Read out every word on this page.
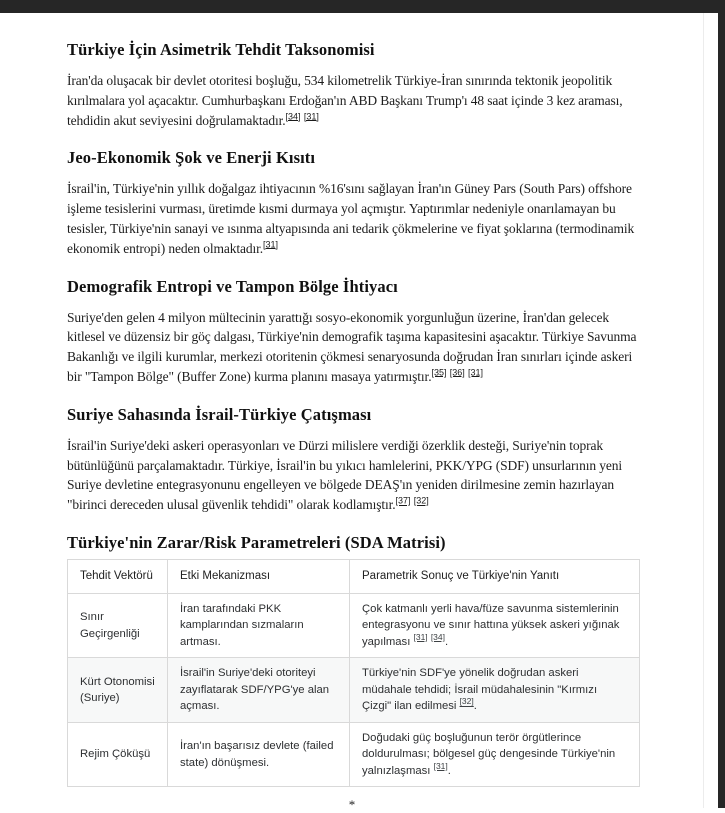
Türkiye İçin Asimetrik Tehdit Taksonomisi

İran'da oluşacak bir devlet otoritesi boşluğu, 534 kilometrelik Türkiye-İran sınırında tektonik jeopolitik kırılmalara yol açacaktır. Cumhurbaşkanı Erdoğan'ın ABD Başkanı Trump'ı 48 saat içinde 3 kez araması, tehdidin akut seviyesini doğrulamaktadır.[34] [31]

Jeo-Ekonomik Şok ve Enerji Kısıtı

İsrail'in, Türkiye'nin yıllık doğalgaz ihtiyacının %16'sını sağlayan İran'ın Güney Pars (South Pars) offshore işleme tesislerini vurması, üretimde kısmi durmaya yol açmıştır. Yaptırımlar nedeniyle onarılamayan bu tesisler, Türkiye'nin sanayi ve ısınma altyapısında ani tedarik çökmelerine ve fiyat şoklarına (termodinamik ekonomik entropi) neden olmaktadır.[31]

Demografik Entropi ve Tampon Bölge İhtiyacı

Suriye'den gelen 4 milyon mültecinin yarattığı sosyo-ekonomik yorgunluğun üzerine, İran'dan gelecek kitlesel ve düzensiz bir göç dalgası, Türkiye'nin demografik taşıma kapasitesini aşacaktır. Türkiye Savunma Bakanlığı ve ilgili kurumlar, merkezi otoritenin çökmesi senaryosunda doğrudan İran sınırları içinde askeri bir "Tampon Bölge" (Buffer Zone) kurma planını masaya yatırmıştır.[35] [36] [31]

Suriye Sahasında İsrail-Türkiye Çatışması

İsrail'in Suriye'deki askeri operasyonları ve Dürzi milislere verdiği özerklik desteği, Suriye'nin toprak bütünlüğünü parçalamaktadır. Türkiye, İsrail'in bu yıkıcı hamlelerini, PKK/YPG (SDF) unsurlarının yeni Suriye devletine entegrasyonunu engelleyen ve bölgede DEAŞ'ın yeniden dirilmesine zemin hazırlayan "birinci dereceden ulusal güvenlik tehdidi" olarak kodlamıştır.[37] [32]

Türkiye'nin Zarar/Risk Parametreleri (SDA Matrisi)
Tehdit Vektörü	Etki Mekanizması	Parametrik Sonuç ve Türkiye'nin Yanıtı
Sınır Geçirgenliği	İran tarafındaki PKK kamplarından sızmaların artması.	Çok katmanlı yerli hava/füze savunma sistemlerinin entegrasyonu ve sınır hattına yüksek askeri yığınak yapılması [31] [34].
Kürt Otonomisi (Suriye)	İsrail'in Suriye'deki otoriteyi zayıflatarak SDF/YPG'ye alan açması.	Türkiye'nin SDF'ye yönelik doğrudan askeri müdahale tehdidi; İsrail müdahalesinin "Kırmızı Çizgi" ilan edilmesi [32].
Rejim Çöküşü	İran'ın başarısız devlete (failed state) dönüşmesi.	Doğudaki güç boşluğunun terör örgütlerince doldurulması; bölgesel güç dengesinde Türkiye'nin yalnızlaşması [31].
*
